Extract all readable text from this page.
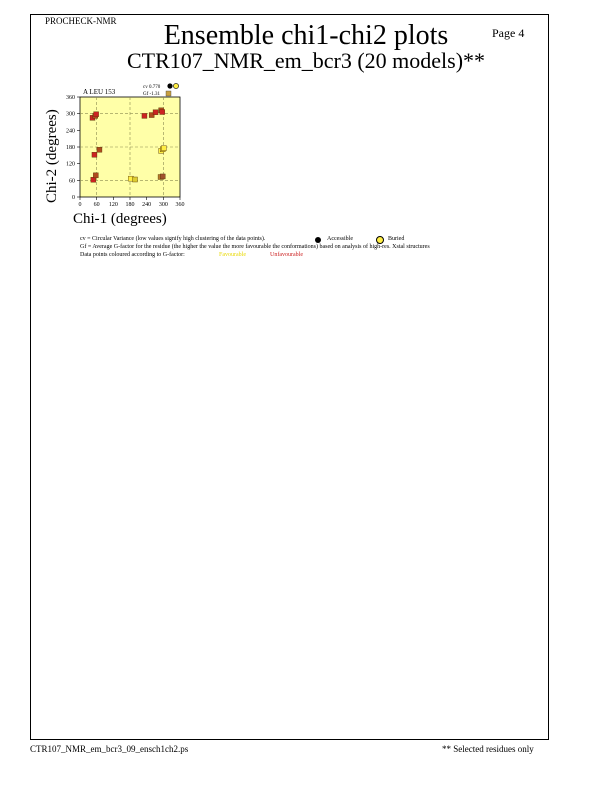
PROCHECK-NMR
Page 4
Ensemble chi1-chi2 plots
CTR107_NMR_em_bcr3 (20 models)**
A LEU 153
cv 0.770
Gf -1.31
0 60 120 180 240 300 360
0
60
120
180
240
300
360
Chi-1 (degrees)
Chi-2 (degrees)
cv = Circular Variance (low values signify high clustering of the data points).	Accessible	Buried
Gf = Average G-factor for the residue (the higher the value the more favourable the conformations) based on analysis of high-res. Xstal structures
Data points coloured according to G-factor:	Favourable	Unfavourable
CTR107_NMR_em_bcr3_09_ensch1ch2.ps	** Selected residues only
